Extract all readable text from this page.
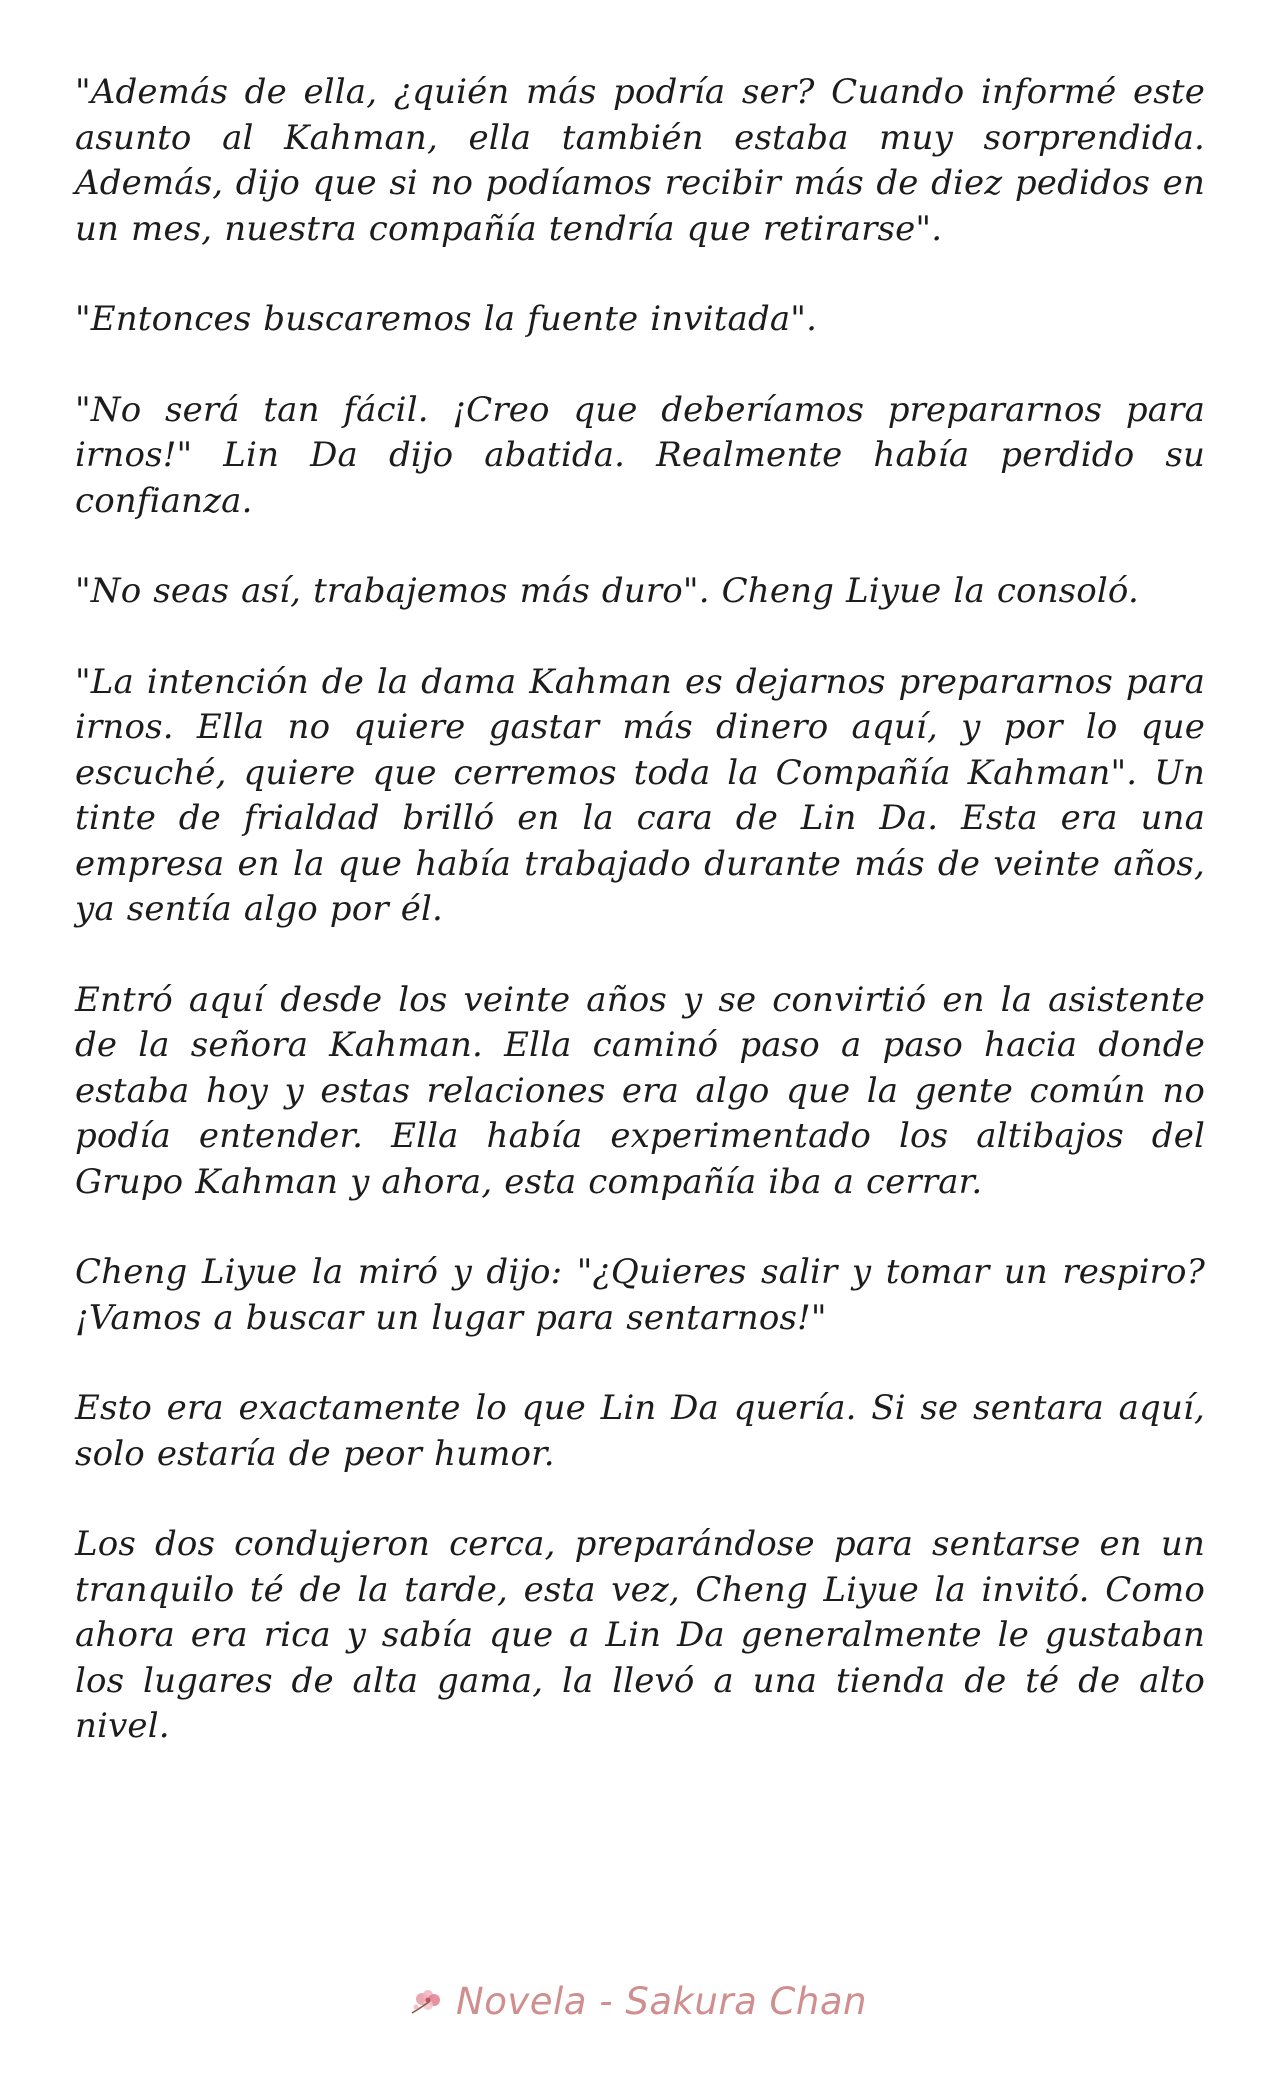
"Además de ella, ¿quién más podría ser? Cuando informé este asunto al Kahman, ella también estaba muy sorprendida. Además, dijo que si no podíamos recibir más de diez pedidos en un mes, nuestra compañía tendría que retirarse".

"Entonces buscaremos la fuente invitada".

"No será tan fácil. ¡Creo que deberíamos prepararnos para irnos!" Lin Da dijo abatida. Realmente había perdido su confianza.

"No seas así, trabajemos más duro". Cheng Liyue la consoló.

"La intención de la dama Kahman es dejarnos prepararnos para irnos. Ella no quiere gastar más dinero aquí, y por lo que escuché, quiere que cerremos toda la Compañía Kahman". Un tinte de frialdad brilló en la cara de Lin Da. Esta era una empresa en la que había trabajado durante más de veinte años, ya sentía algo por él.

Entró aquí desde los veinte años y se convirtió en la asistente de la señora Kahman. Ella caminó paso a paso hacia donde estaba hoy y estas relaciones era algo que la gente común no podía entender. Ella había experimentado los altibajos del Grupo Kahman y ahora, esta compañía iba a cerrar.

Cheng Liyue la miró y dijo: "¿Quieres salir y tomar un respiro? ¡Vamos a buscar un lugar para sentarnos!"

Esto era exactamente lo que Lin Da quería. Si se sentara aquí, solo estaría de peor humor.

Los dos condujeron cerca, preparándose para sentarse en un tranquilo té de la tarde, esta vez, Cheng Liyue la invitó. Como ahora era rica y sabía que a Lin Da generalmente le gustaban los lugares de alta gama, la llevó a una tienda de té de alto nivel.

Novela - Sakura Chan
